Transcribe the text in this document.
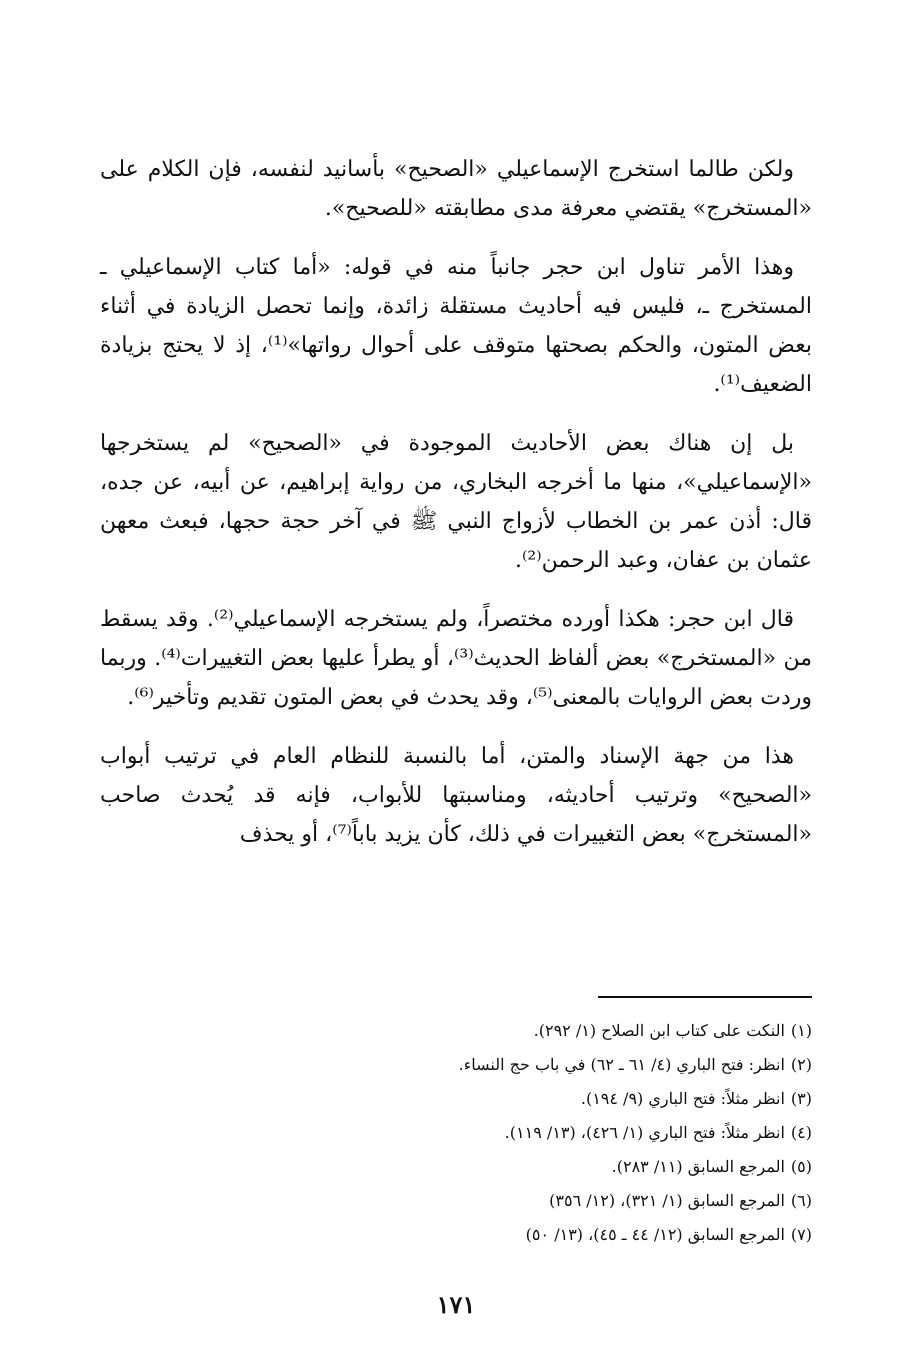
ولكن طالما استخرج الإسماعيلي «الصحيح» بأسانيد لنفسه، فإن الكلام على «المستخرج» يقتضي معرفة مدى مطابقته «للصحيح».

وهذا الأمر تناول ابن حجر جانباً منه في قوله: «أما كتاب الإسماعيلي ـ المستخرج ـ، فليس فيه أحاديث مستقلة زائدة، وإنما تحصل الزيادة في أثناء بعض المتون، والحكم بصحتها متوقف على أحوال رواتها»⁽¹⁾، إذ لا يحتج بزيادة الضعيف⁽¹⁾.

بل إن هناك بعض الأحاديث الموجودة في «الصحيح» لم يستخرجها «الإسماعيلي»، منها ما أخرجه البخاري، من رواية إبراهيم، عن أبيه، عن جده، قال: أذن عمر بن الخطاب لأزواج النبي ﷺ في آخر حجة حجها، فبعث معهن عثمان بن عفان، وعبد الرحمن⁽²⁾.

قال ابن حجر: هكذا أورده مختصراً، ولم يستخرجه الإسماعيلي⁽²⁾. وقد يسقط من «المستخرج» بعض ألفاظ الحديث⁽³⁾، أو يطرأ عليها بعض التغييرات⁽⁴⁾. وربما وردت بعض الروايات بالمعنى⁽⁵⁾، وقد يحدث في بعض المتون تقديم وتأخير⁽⁶⁾.

هذا من جهة الإسناد والمتن، أما بالنسبة للنظام العام في ترتيب أبواب «الصحيح» وترتيب أحاديثه، ومناسبتها للأبواب، فإنه قد يُحدث صاحب «المستخرج» بعض التغييرات في ذلك، كأن يزيد باباً⁽⁷⁾، أو يحذف

(١)النكت على كتاب ابن الصلاح (١/ ٢٩٢).
(٢)انظر: فتح الباري (٤/ ٦١ ـ ٦٢) في باب حج النساء.
(٣)انظر مثلاً: فتح الباري (٩/ ١٩٤).
(٤)انظر مثلاً: فتح الباري (١/ ٤٢٦)، (١٣/ ١١٩).
(٥)المرجع السابق (١١/ ٢٨٣).
(٦)المرجع السابق (١/ ٣٢١)، (١٢/ ٣٥٦)
(٧)المرجع السابق (١٢/ ٤٤ ـ ٤٥)، (١٣/ ٥٠)
١٧١
